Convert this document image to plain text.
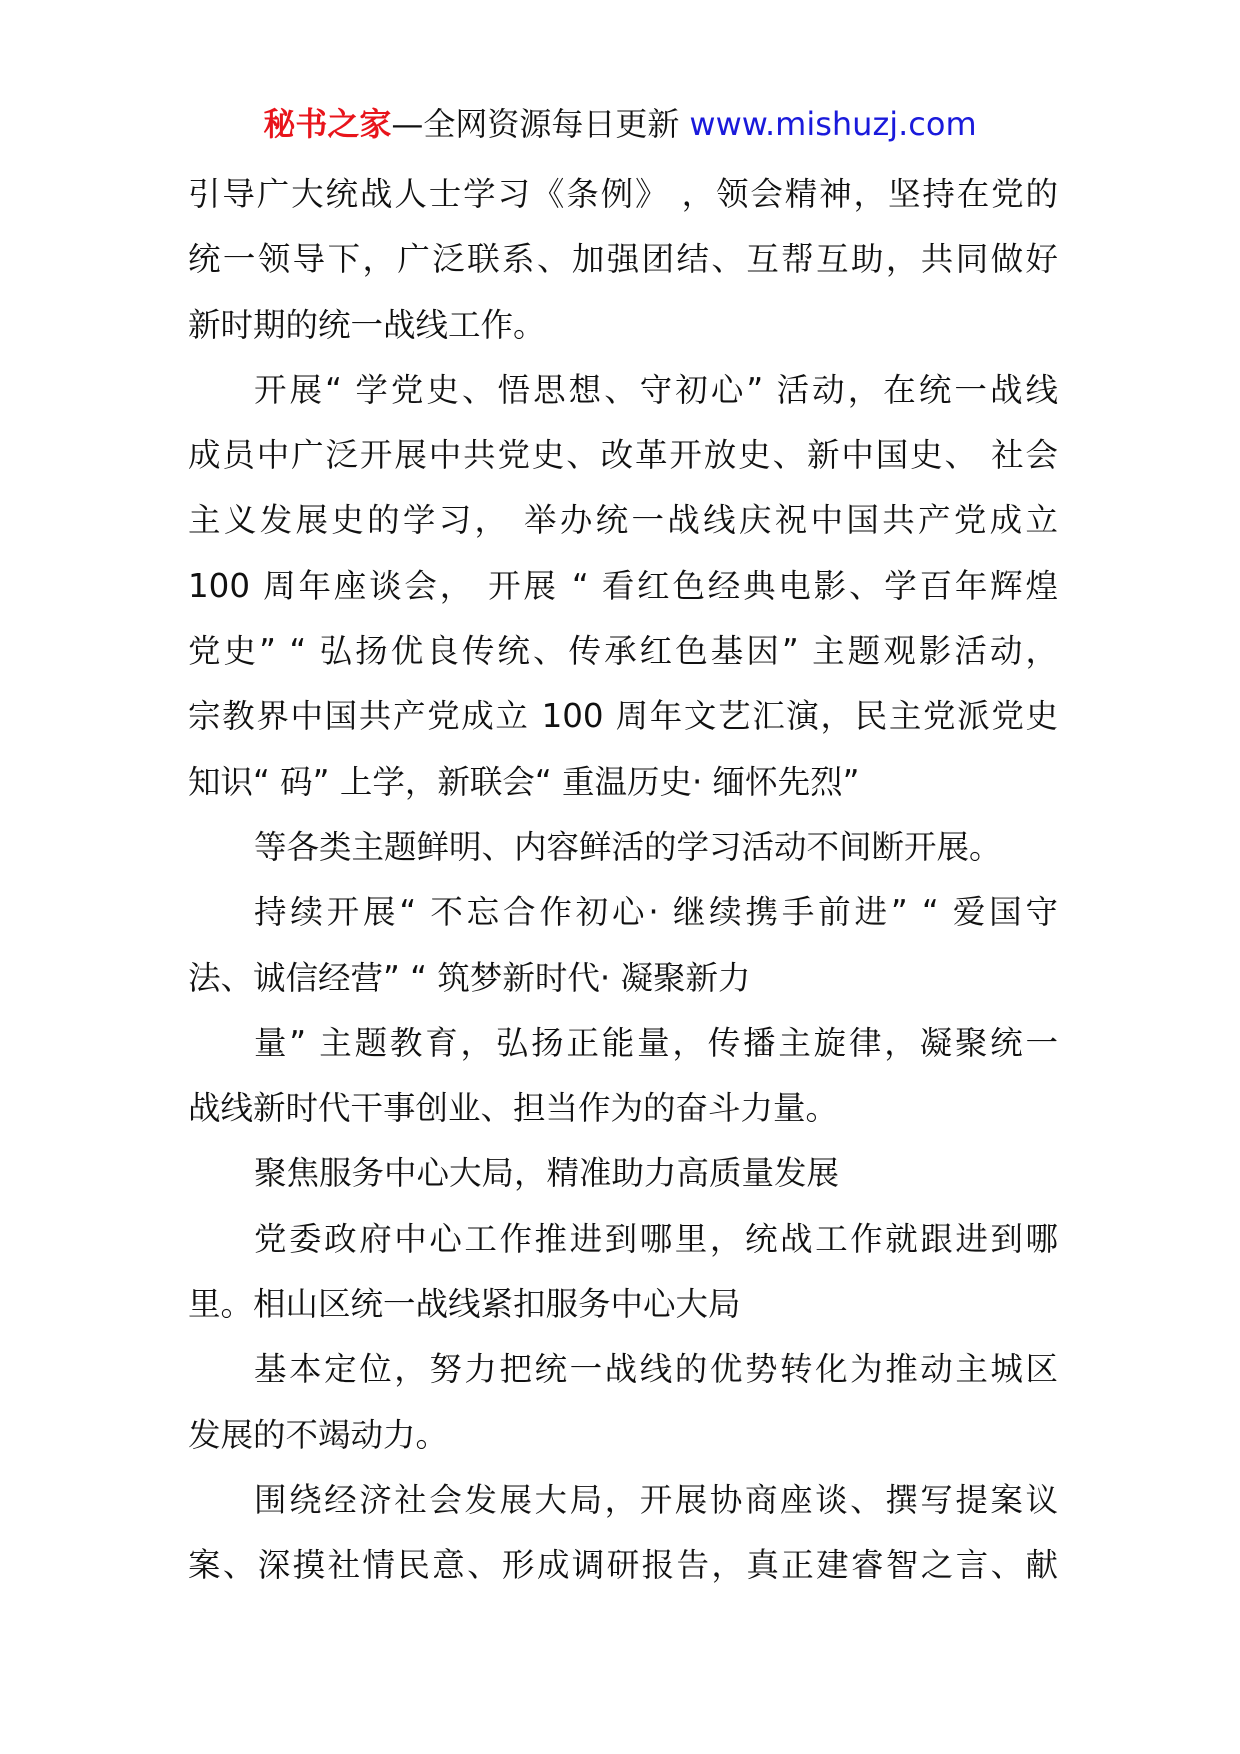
秘书之家—全网资源每日更新 www.mishuzj.com
引导广大统战人士学习《条例》 ，领会精神，坚持在党的
统一领导下，广泛联系、加强团结、互帮互助，共同做好
新时期的统一战线工作。
开展“ 学党史、悟思想、守初心” 活动，在统一战线
成员中广泛开展中共党史、改革开放史、新中国史、 社会
主义发展史的学习， 举办统一战线庆祝中国共产党成立
100 周年座谈会， 开展 “ 看红色经典电影、学百年辉煌
党史” “ 弘扬优良传统、传承红色基因” 主题观影活动，
宗教界中国共产党成立 100 周年文艺汇演，民主党派党史
知识“ 码” 上学，新联会“ 重温历史· 缅怀先烈”
等各类主题鲜明、内容鲜活的学习活动不间断开展。
持续开展“ 不忘合作初心· 继续携手前进” “ 爱国守
法、诚信经营” “ 筑梦新时代· 凝聚新力
量” 主题教育，弘扬正能量，传播主旋律，凝聚统一
战线新时代干事创业、担当作为的奋斗力量。
聚焦服务中心大局，精准助力高质量发展
党委政府中心工作推进到哪里，统战工作就跟进到哪
里。相山区统一战线紧扣服务中心大局
基本定位，努力把统一战线的优势转化为推动主城区
发展的不竭动力。
围绕经济社会发展大局，开展协商座谈、撰写提案议
案、深摸社情民意、形成调研报告，真正建睿智之言、献
